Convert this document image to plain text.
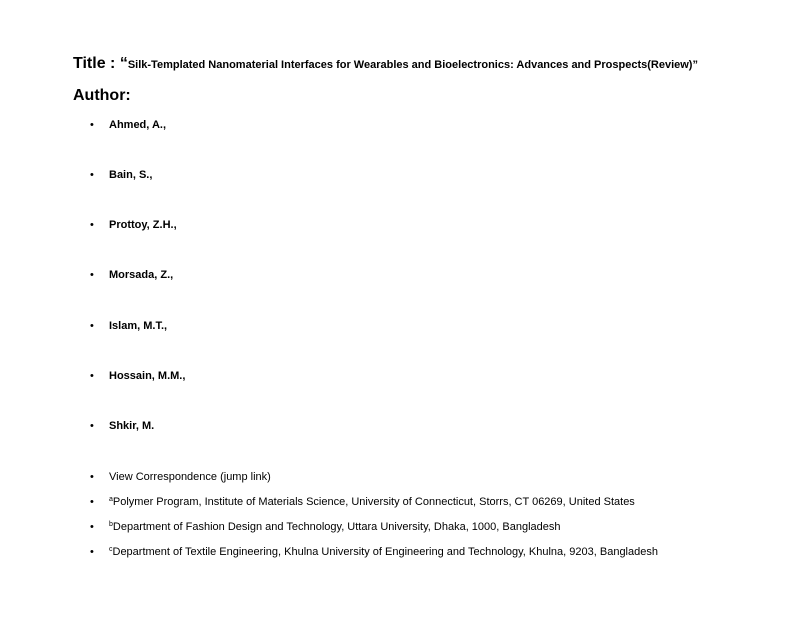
Title : “Silk-Templated Nanomaterial Interfaces for Wearables and Bioelectronics: Advances and Prospects(Review)”
Author:
• Ahmed, A.,
• Bain, S.,
• Prottoy, Z.H.,
• Morsada, Z.,
• Islam, M.T.,
• Hossain, M.M.,
• Shkir, M.
• View Correspondence (jump link)
• $^a$Polymer Program, Institute of Materials Science, University of Connecticut, Storrs, CT 06269, United States
• $^b$Department of Fashion Design and Technology, Uttara University, Dhaka, 1000, Bangladesh
• $^c$Department of Textile Engineering, Khulna University of Engineering and Technology, Khulna, 9203, Bangladesh
